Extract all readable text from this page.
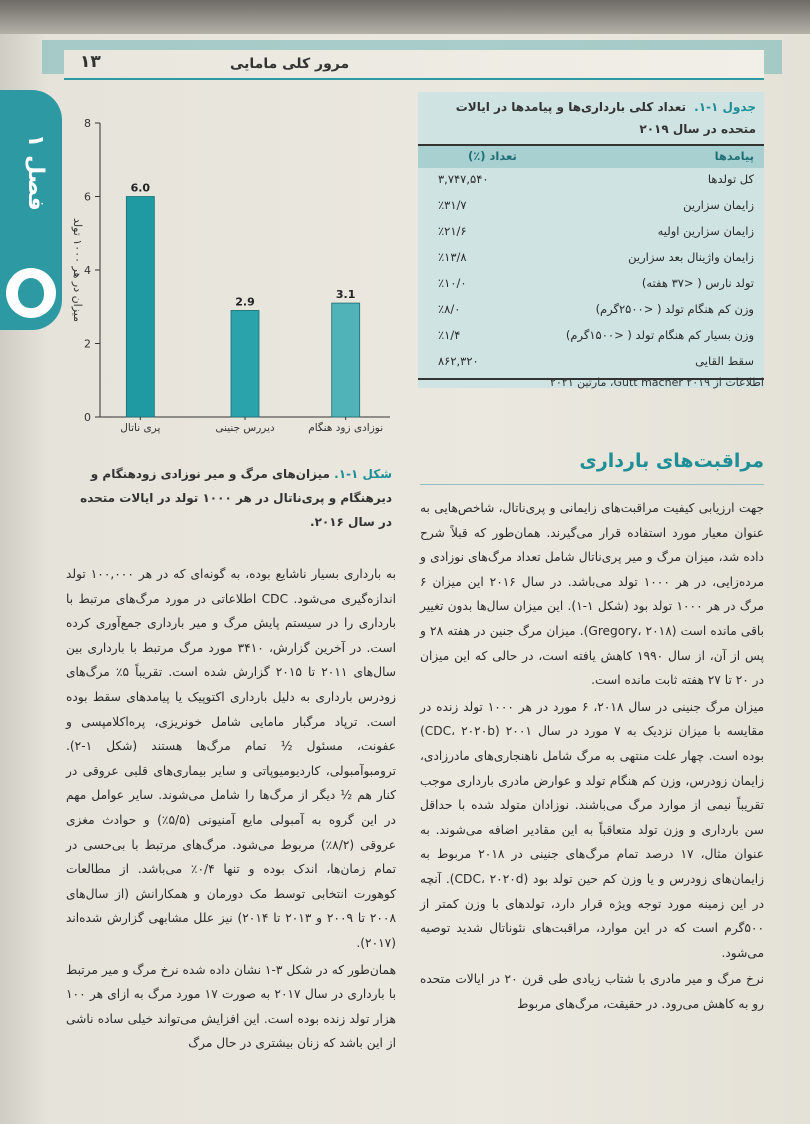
۱۳	مرور کلی مامایی
فصل ۱
جدول ۱-۱. تعداد کلی بارداری‌ها و پیامدها در ایالات متحده در سال ۲۰۱۹
پیامدها
تعداد (٪)
کل تولدها
۳,۷۴۷,۵۴۰
زایمان سزارین
٪۳۱/۷
زایمان سزارین اولیه
٪۲۱/۶
زایمان واژینال بعد سزارین
٪۱۳/۸
تولد نارس ( <۳۷ هفته)
٪۱۰/۰
وزن کم هنگام تولد ( <۲۵۰۰گرم)
٪۸/۰
وزن بسیار کم هنگام تولد ( <۱۵۰۰گرم)
٪۱/۴
سقط القایی
۸۶۲,۳۲۰
اطلاعات از Gutt macher ۲۰۱۹، مارتین ۲۰۲۱
0
2
4
6
8
میزان در هر ۱۰۰۰ تولد
6.0
پری ناتال
2.9
دیررس جنینی
3.1
نوزادی زود هنگام
شکل ۱-۱. میزان‌های مرگ و میر نوزادی زودهنگام و دیرهنگام و پری‌ناتال در هر ۱۰۰۰ تولد در ایالات متحده در سال ۲۰۱۶.
مراقبت‌های بارداری

جهت ارزیابی کیفیت مراقبت‌های زایمانی و پری‌ناتال، شاخص‌هایی به عنوان معیار مورد استفاده قرار می‌گیرند. همان‌طور که قبلاً شرح داده شد، میزان مرگ و میر پری‌ناتال شامل تعداد مرگ‌های نوزادی و مرده‌زایی، در هر ۱۰۰۰ تولد می‌باشد. در سال ۲۰۱۶ این میزان ۶ مرگ در هر ۱۰۰۰ تولد بود (شکل ۱-۱). این میزان سال‌ها بدون تغییر باقی مانده است (Gregory، ۲۰۱۸). میزان مرگ جنین در هفته ۲۸ و پس از آن، از سال ۱۹۹۰ کاهش یافته است، در حالی که این میزان در ۲۰ تا ۲۷ هفته ثابت مانده است.

میزان مرگ جنینی در سال ۲۰۱۸، ۶ مورد در هر ۱۰۰۰ تولد زنده در مقایسه با میزان نزدیک به ۷ مورد در سال ۲۰۰۱ (CDC، ۲۰۲۰b) بوده است. چهار علت منتهی به مرگ شامل ناهنجاری‌های مادرزادی، زایمان زودرس، وزن کم هنگام تولد و عوارض مادری بارداری موجب تقریباً نیمی از موارد مرگ می‌باشند. نوزادان متولد شده با حداقل سن بارداری و وزن تولد متعاقباً به این مقادیر اضافه می‌شوند. به عنوان مثال، ۱۷ درصد تمام مرگ‌های جنینی در ۲۰۱۸ مربوط به زایمان‌های زودرس و یا وزن کم حین تولد بود (CDC، ۲۰۲۰d). آنچه در این زمینه مورد توجه ویژه قرار دارد، تولدهای با وزن کمتر از ۵۰۰گرم است که در این موارد، مراقبت‌های نئوناتال شدید توصیه می‌شود.

نرخ مرگ و میر مادری با شتاب زیادی طی قرن ۲۰ در ایالات متحده رو به کاهش می‌رود. در حقیقت، مرگ‌های مربوط

به بارداری بسیار ناشایع بوده، به گونه‌ای که در هر ۱۰۰,۰۰۰ تولد اندازه‌گیری می‌شود. CDC اطلاعاتی در مورد مرگ‌های مرتبط با بارداری را در سیستم پایش مرگ و میر بارداری جمع‌آوری کرده است. در آخرین گزارش، ۳۴۱۰ مورد مرگ مرتبط با بارداری بین سال‌های ۲۰۱۱ تا ۲۰۱۵ گزارش شده است. تقریباً ۵٪ مرگ‌های زودرس بارداری به دلیل بارداری اکتوپیک یا پیامدهای سقط بوده است. ترپاد مرگبار مامایی شامل خونریزی، پره‌اکلامپسی و عفونت، مسئول ½ تمام مرگ‌ها هستند (شکل ۱-۲). ترومبوآمبولی، کاردیومیوپاتی و سایر بیماری‌های قلبی عروقی در کنار هم ½ دیگر از مرگ‌ها را شامل می‌شوند. سایر عوامل مهم در این گروه به آمبولی مایع آمنیونی (۵/۵٪) و حوادث مغزی عروقی (۸/۲٪) مربوط می‌شود. مرگ‌های مرتبط با بی‌حسی در تمام زمان‌ها، اندک بوده و تنها ۰/۴٪ می‌باشد. از مطالعات کوهورت انتخابی توسط مک دورمان و همکارانش (از سال‌های ۲۰۰۸ تا ۲۰۰۹ و ۲۰۱۳ تا ۲۰۱۴) نیز علل مشابهی گزارش شده‌اند (۲۰۱۷).

همان‌طور که در شکل ۳-۱ نشان داده شده نرخ مرگ و میر مرتبط با بارداری در سال ۲۰۱۷ به صورت ۱۷ مورد مرگ به ازای هر ۱۰۰ هزار تولد زنده بوده است. این افزایش می‌تواند خیلی ساده ناشی از این باشد که زنان بیشتری در حال مرگ
